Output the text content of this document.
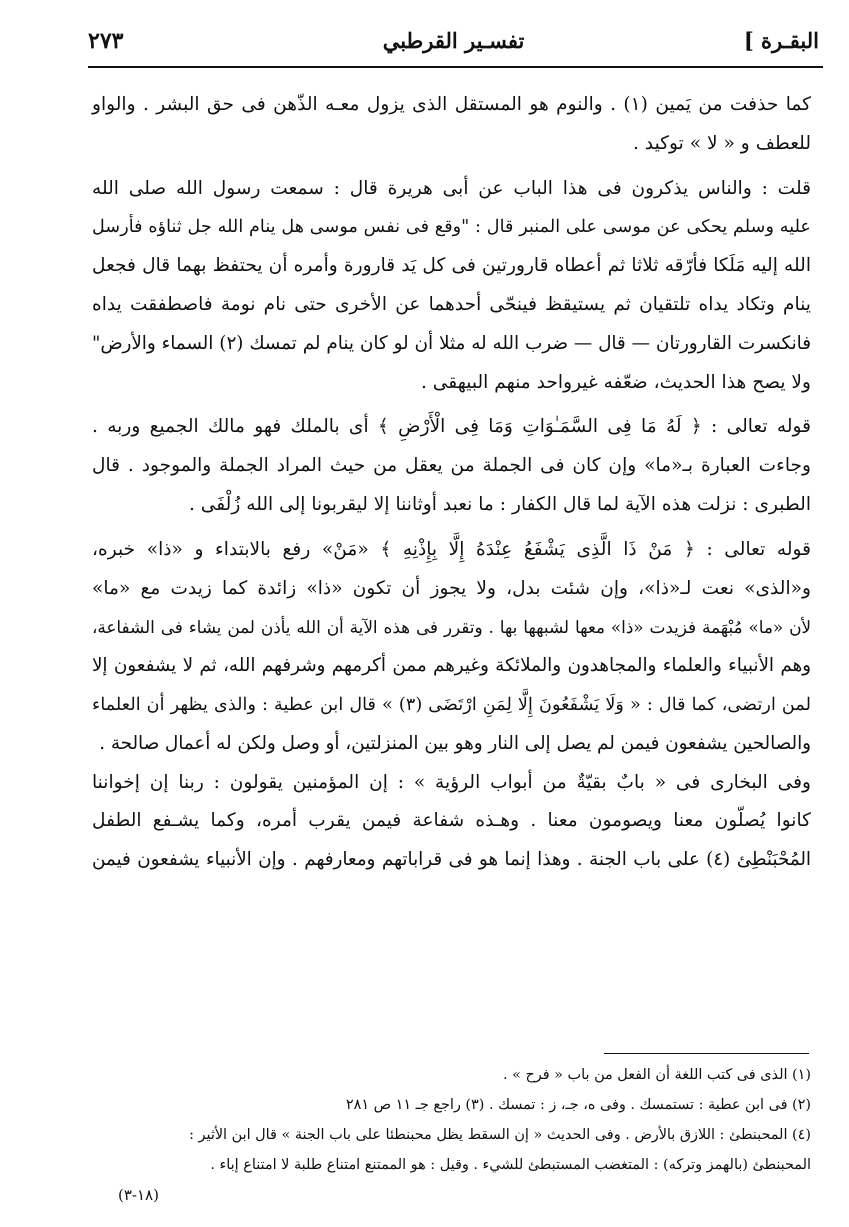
البقـرة ]
تفسـير القرطبي
٢٧٣

كما حذفت من يَمين (١) . والنوم هو المستقل الذى يزول معـه الذّهن فى حق البشر . والواو
للعطف و « لا » توكيد .

قلت : والناس يذكرون فى هذا الباب عن أبى هريرة قال : سمعت رسول الله صلى الله
عليه وسلم يحكى عن موسى على المنبر قال : "وقع فى نفس موسى هل ينام الله جل ثناؤه فأرسل
الله إليه مَلَكا فأرّقه ثلاثا ثم أعطاه قارورتين فى كل يَد قارورة وأمره أن يحتفظ بهما قال فجعل
ينام وتكاد يداه تلتقيان ثم يستيقظ فينحّى أحدهما عن الأخرى حتى نام نومة فاصطفقت يداه
فانكسرت القارورتان — قال — ضرب الله له مثلا أن لو كان ينام لم تمسك (٢) السماء والأرض"
ولا يصح هذا الحديث، ضعّفه غيرواحد منهم البيهقى .

قوله تعالى : ﴿ لَهُ مَا فِى السَّمَـٰوَاتِ وَمَا فِى الْأَرْضِ ﴾ أى بالملك فهو مالك الجميع وربه .
وجاءت العبارة بـ«ما» وإن كان فى الجملة من يعقل من حيث المراد الجملة والموجود . قال
الطبرى : نزلت هذه الآية لما قال الكفار : ما نعبد أوثاننا إلا ليقربونا إلى الله زُلْفَى .

قوله تعالى : ﴿ مَنْ ذَا الَّذِى يَشْفَعُ عِنْدَهُ إِلَّا بِإِذْنِهِ ﴾ «مَنْ» رفع بالابتداء و «ذا» خبره،
و«الذى» نعت لـ«ذا»، وإن شئت بدل، ولا يجوز أن تكون «ذا» زائدة كما زيدت مع «ما»
لأن «ما» مُبْهَمة فزيدت «ذا» معها لشبهها بها . وتقرر فى هذه الآية أن الله يأذن لمن يشاء فى الشفاعة،
وهم الأنبياء والعلماء والمجاهدون والملائكة وغيرهم ممن أكرمهم وشرفهم الله، ثم لا يشفعون إلا
لمن ارتضى، كما قال : « وَلَا يَشْفَعُونَ إِلَّا لِمَنِ ارْتَضَى (٣) » قال ابن عطية : والذى يظهر أن العلماء
والصالحين يشفعون فيمن لم يصل إلى النار وهو بين المنزلتين، أو وصل ولكن له أعمال صالحة .

وفى البخارى فى « بابٌ بقيّةٌ من أبواب الرؤية » : إن المؤمنين يقولون : ربنا إن إخواننا
كانوا يُصلّون معنا ويصومون معنا . وهـذه شفاعة فيمن يقرب أمره، وكما يشـفع الطفل
المُحْبَنْطِئ (٤) على باب الجنة . وهذا إنما هو فى قراباتهم ومعارفهم . وإن الأنبياء يشفعون فيمن

(١) الذى فى كتب اللغة أن الفعل من باب « فرح » .
(٢) فى ابن عطية : تستمسك . وفى ه، جـ، ز : تمسك . (٣) راجع جـ ١١ ص ٢٨١
(٤) المحبنطئ : اللازق بالأرض . وفى الحديث « إن السقط يظل محبنطئا على باب الجنة » قال ابن الأثير :
المحبنطئ (بالهمز وتركه) : المتغضب المستبطئ للشيء . وقيل : هو الممتنع امتناع طلبة لا امتناع إباء .
(١٨-٣)
